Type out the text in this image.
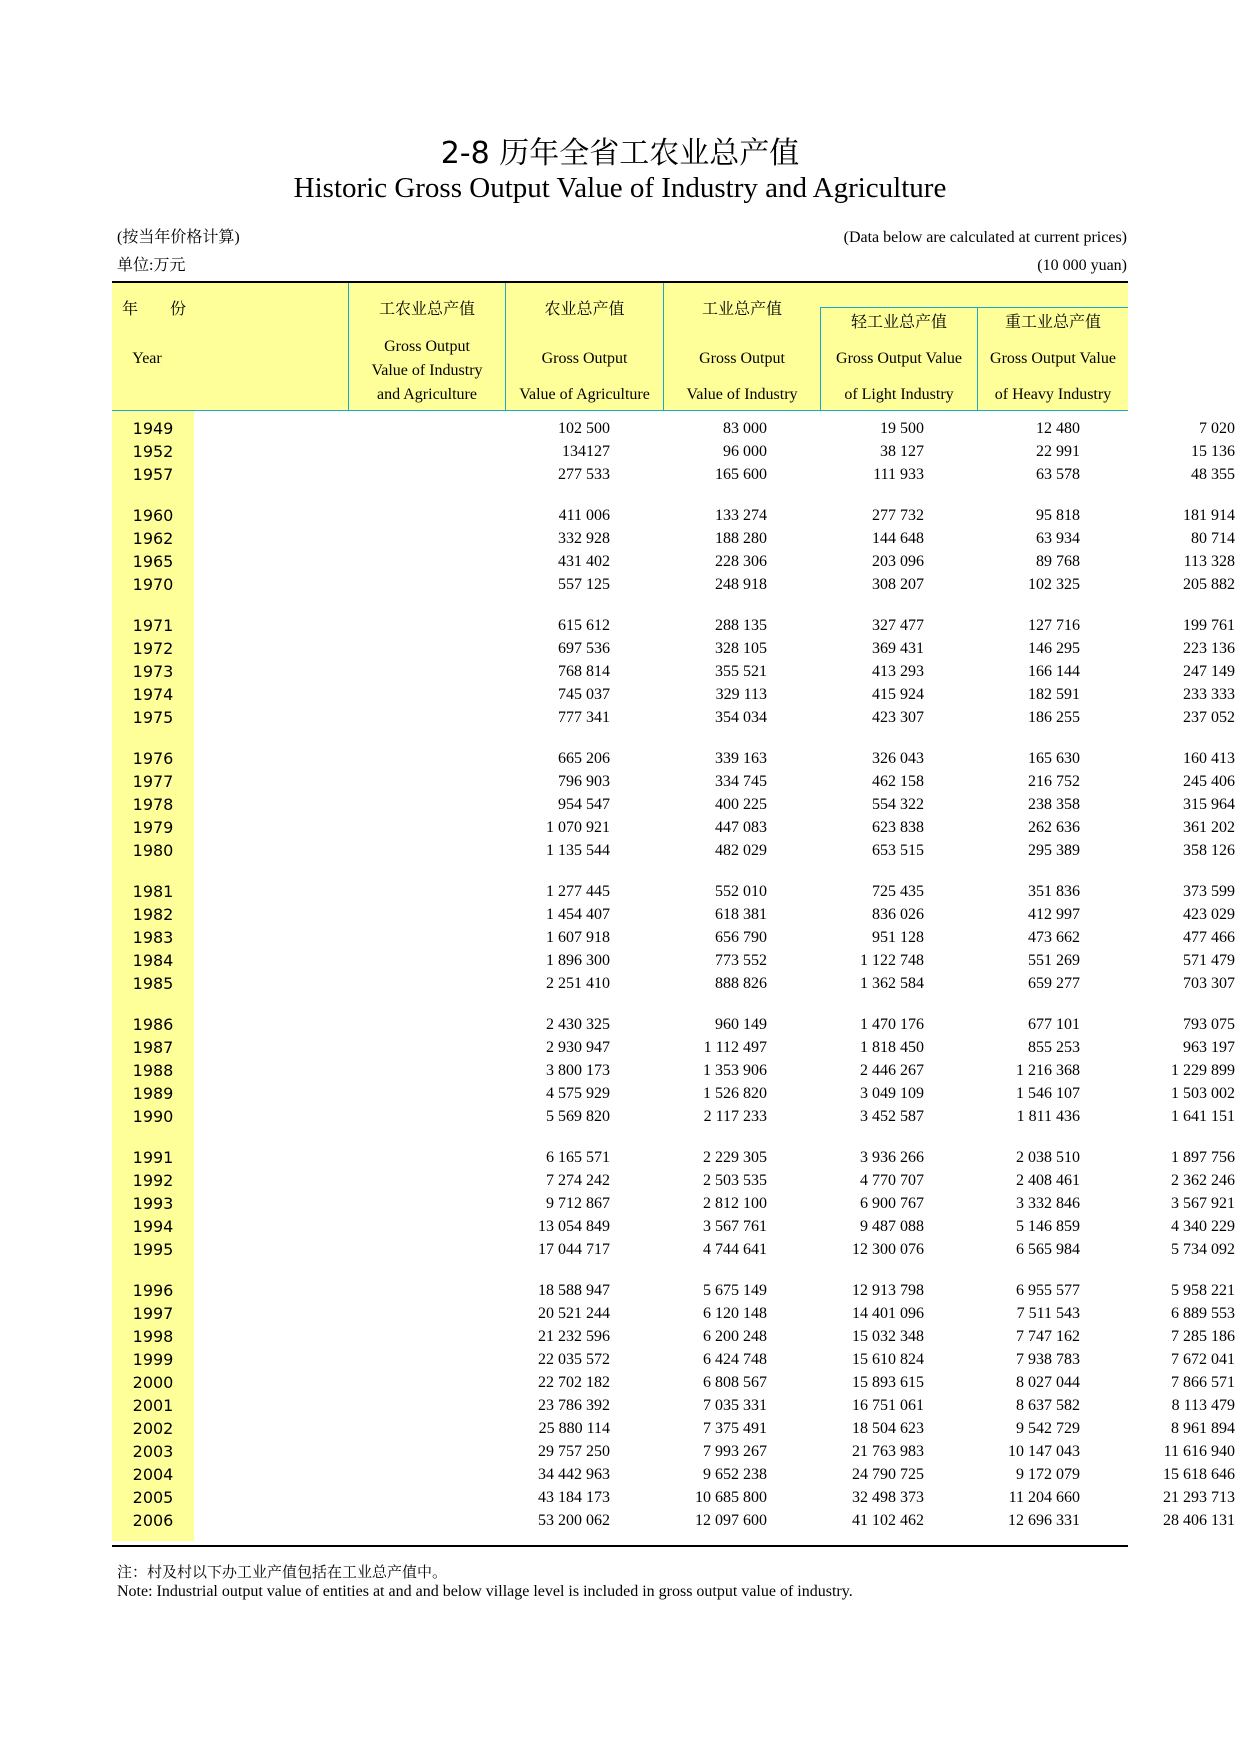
2-8 历年全省工农业总产值
Historic Gross Output Value of Industry and Agriculture
(按当年价格计算)	(Data below are calculated at current prices)
单位:万元	(10 000 yuan)
年　　份
Year
工农业总产值
Gross Output
Value of Industry
and Agriculture
农业总产值
Gross Output
Value of Agriculture
工业总产值
Gross Output
Value of Industry
轻工业总产值
Gross Output Value
of Light Industry
重工业总产值
Gross Output Value
of Heavy Industry
1949	102 500	83 000	19 500	12 480	7 020
1952	134127	96 000	38 127	22 991	15 136
1957	277 533	165 600	111 933	63 578	48 355
1960	411 006	133 274	277 732	95 818	181 914
1962	332 928	188 280	144 648	63 934	80 714
1965	431 402	228 306	203 096	89 768	113 328
1970	557 125	248 918	308 207	102 325	205 882
1971	615 612	288 135	327 477	127 716	199 761
1972	697 536	328 105	369 431	146 295	223 136
1973	768 814	355 521	413 293	166 144	247 149
1974	745 037	329 113	415 924	182 591	233 333
1975	777 341	354 034	423 307	186 255	237 052
1976	665 206	339 163	326 043	165 630	160 413
1977	796 903	334 745	462 158	216 752	245 406
1978	954 547	400 225	554 322	238 358	315 964
1979	1 070 921	447 083	623 838	262 636	361 202
1980	1 135 544	482 029	653 515	295 389	358 126
1981	1 277 445	552 010	725 435	351 836	373 599
1982	1 454 407	618 381	836 026	412 997	423 029
1983	1 607 918	656 790	951 128	473 662	477 466
1984	1 896 300	773 552	1 122 748	551 269	571 479
1985	2 251 410	888 826	1 362 584	659 277	703 307
1986	2 430 325	960 149	1 470 176	677 101	793 075
1987	2 930 947	1 112 497	1 818 450	855 253	963 197
1988	3 800 173	1 353 906	2 446 267	1 216 368	1 229 899
1989	4 575 929	1 526 820	3 049 109	1 546 107	1 503 002
1990	5 569 820	2 117 233	3 452 587	1 811 436	1 641 151
1991	6 165 571	2 229 305	3 936 266	2 038 510	1 897 756
1992	7 274 242	2 503 535	4 770 707	2 408 461	2 362 246
1993	9 712 867	2 812 100	6 900 767	3 332 846	3 567 921
1994	13 054 849	3 567 761	9 487 088	5 146 859	4 340 229
1995	17 044 717	4 744 641	12 300 076	6 565 984	5 734 092
1996	18 588 947	5 675 149	12 913 798	6 955 577	5 958 221
1997	20 521 244	6 120 148	14 401 096	7 511 543	6 889 553
1998	21 232 596	6 200 248	15 032 348	7 747 162	7 285 186
1999	22 035 572	6 424 748	15 610 824	7 938 783	7 672 041
2000	22 702 182	6 808 567	15 893 615	8 027 044	7 866 571
2001	23 786 392	7 035 331	16 751 061	8 637 582	8 113 479
2002	25 880 114	7 375 491	18 504 623	9 542 729	8 961 894
2003	29 757 250	7 993 267	21 763 983	10 147 043	11 616 940
2004	34 442 963	9 652 238	24 790 725	9 172 079	15 618 646
2005	43 184 173	10 685 800	32 498 373	11 204 660	21 293 713
2006	53 200 062	12 097 600	41 102 462	12 696 331	28 406 131
注：村及村以下办工业产值包括在工业总产值中。
Note: Industrial output value of entities at and and below village level is included in gross output value of industry.
